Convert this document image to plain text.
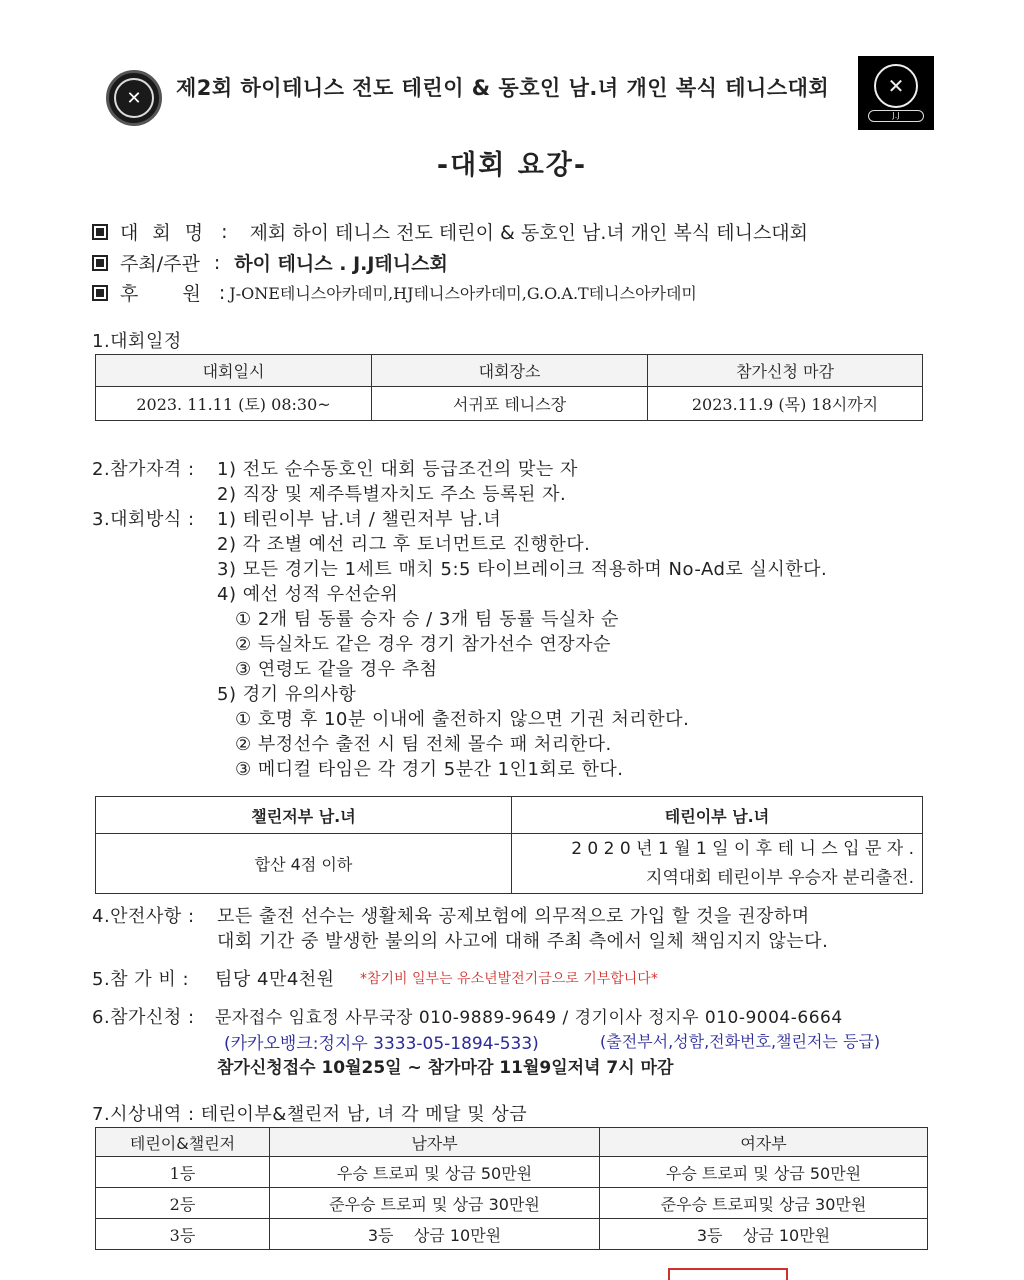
✕	제2회 하이테니스 전도 테린이 & 동호인 남.녀 개인 복식 테니스대회	✕
J.J
-대회 요강-
대 회 명 : 제회 하이 테니스 전도 테린이 & 동호인 남.녀 개인 복식 테니스대회
주최/주관 : 하이 테니스 . J.J테니스회
후    원 : J-ONE테니스아카데미,HJ테니스아카데미,G.O.A.T테니스아카데미
1.대회일정
대회일시	대회장소	참가신청 마감
2023. 11.11 (토) 08:30~	서귀포 테니스장	2023.11.9 (목) 18시까지
2.참가자격 : 1) 전도 순수동호인 대회 등급조건의 맞는 자
2) 직장 및 제주특별자치도 주소 등록된 자.
3.대회방식 : 1) 테린이부 남.녀 / 챌린저부 남.녀
2) 각 조별 예선 리그 후 토너먼트로 진행한다.
3) 모든 경기는 1세트 매치 5:5 타이브레이크 적용하며 No-Ad로 실시한다.
4) 예선 성적 우선순위
① 2개 팀 동률 승자 승 / 3개 팀 동률 득실차 순
② 득실차도 같은 경우 경기 참가선수 연장자순
③ 연령도 같을 경우 추첨
5) 경기 유의사항
① 호명 후 10분 이내에 출전하지 않으면 기권 처리한다.
② 부정선수 출전 시 팀 전체 몰수 패 처리한다.
③ 메디컬 타임은 각 경기 5분간 1인1회로 한다.
챌린저부 남.녀	테린이부 남.녀
합산 4점 이하	2 0 2 0 년 1 월 1 일 이 후 테 니 스 입 문 자 .
지역대회 테린이부 우승자 분리출전.
4.안전사항 : 모든 출전 선수는 생활체육 공제보험에 의무적으로 가입 할 것을 권장하며
대회 기간 중 발생한 불의의 사고에 대해 주최 측에서 일체 책임지지 않는다.
5.참 가 비 : 팀당 4만4천원 *참기비 일부는 유소년발전기금으로 기부합니다*
6.참가신청 : 문자접수 임효정 사무국장 010-9889-9649 / 경기이사 정지우 010-9004-6664
(카카오뱅크:정지우 3333-05-1894-533)	(출전부서,성함,전화번호,챌린저는 등급)
참가신청접수 10월25일 ~ 참가마감 11월9일저녁 7시 마감
7.시상내역 : 테린이부&챌린저 남, 녀 각 메달 및 상금
테린이&챌린저	남자부	여자부
1등	우승 트로피 및 상금 50만원	우승 트로피 및 상금 50만원
2등	준우승 트로피 및 상금 30만원	준우승 트로피및 상금 30만원
3등	3등    상금 10만원	3등    상금 10만원
